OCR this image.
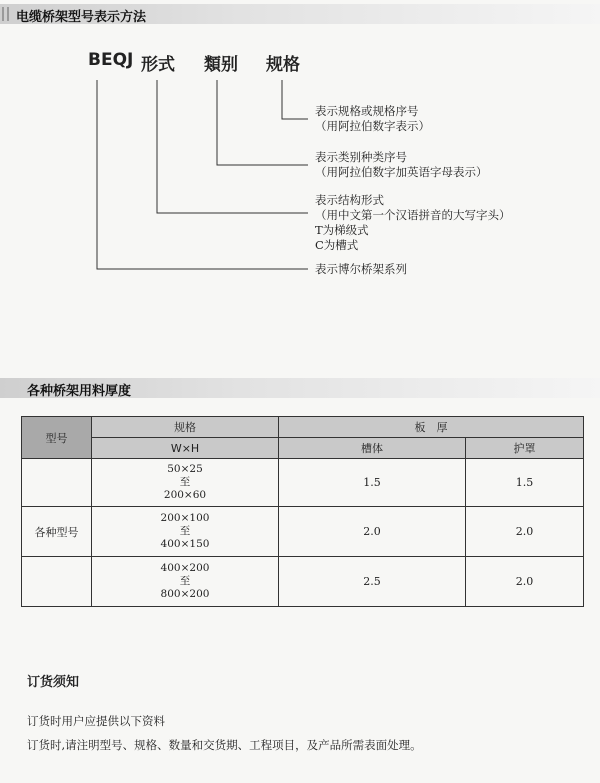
电缆桥架型号表示方法
BEQJ 形式 類别 规格
表示规格或规格序号
（用阿拉伯数字表示）
表示类别种类序号
（用阿拉伯数字加英语字母表示）
表示结构形式
（用中文第一个汉语拼音的大写字头）
T为梯级式
C为槽式
表示博尔桥架系列
各种桥架用料厚度
型号	规格	板　厚	
	W×H	槽体	护罩

	50×25
至
200×60	1.5	1.5
各种型号	200×100
至
400×150	2.0	2.0

	400×200
至
800×200	2.5	2.0
订货须知
订货时用户应提供以下资料
订货时,请注明型号、规格、数量和交货期、工程项目，及产品所需表面处理。
